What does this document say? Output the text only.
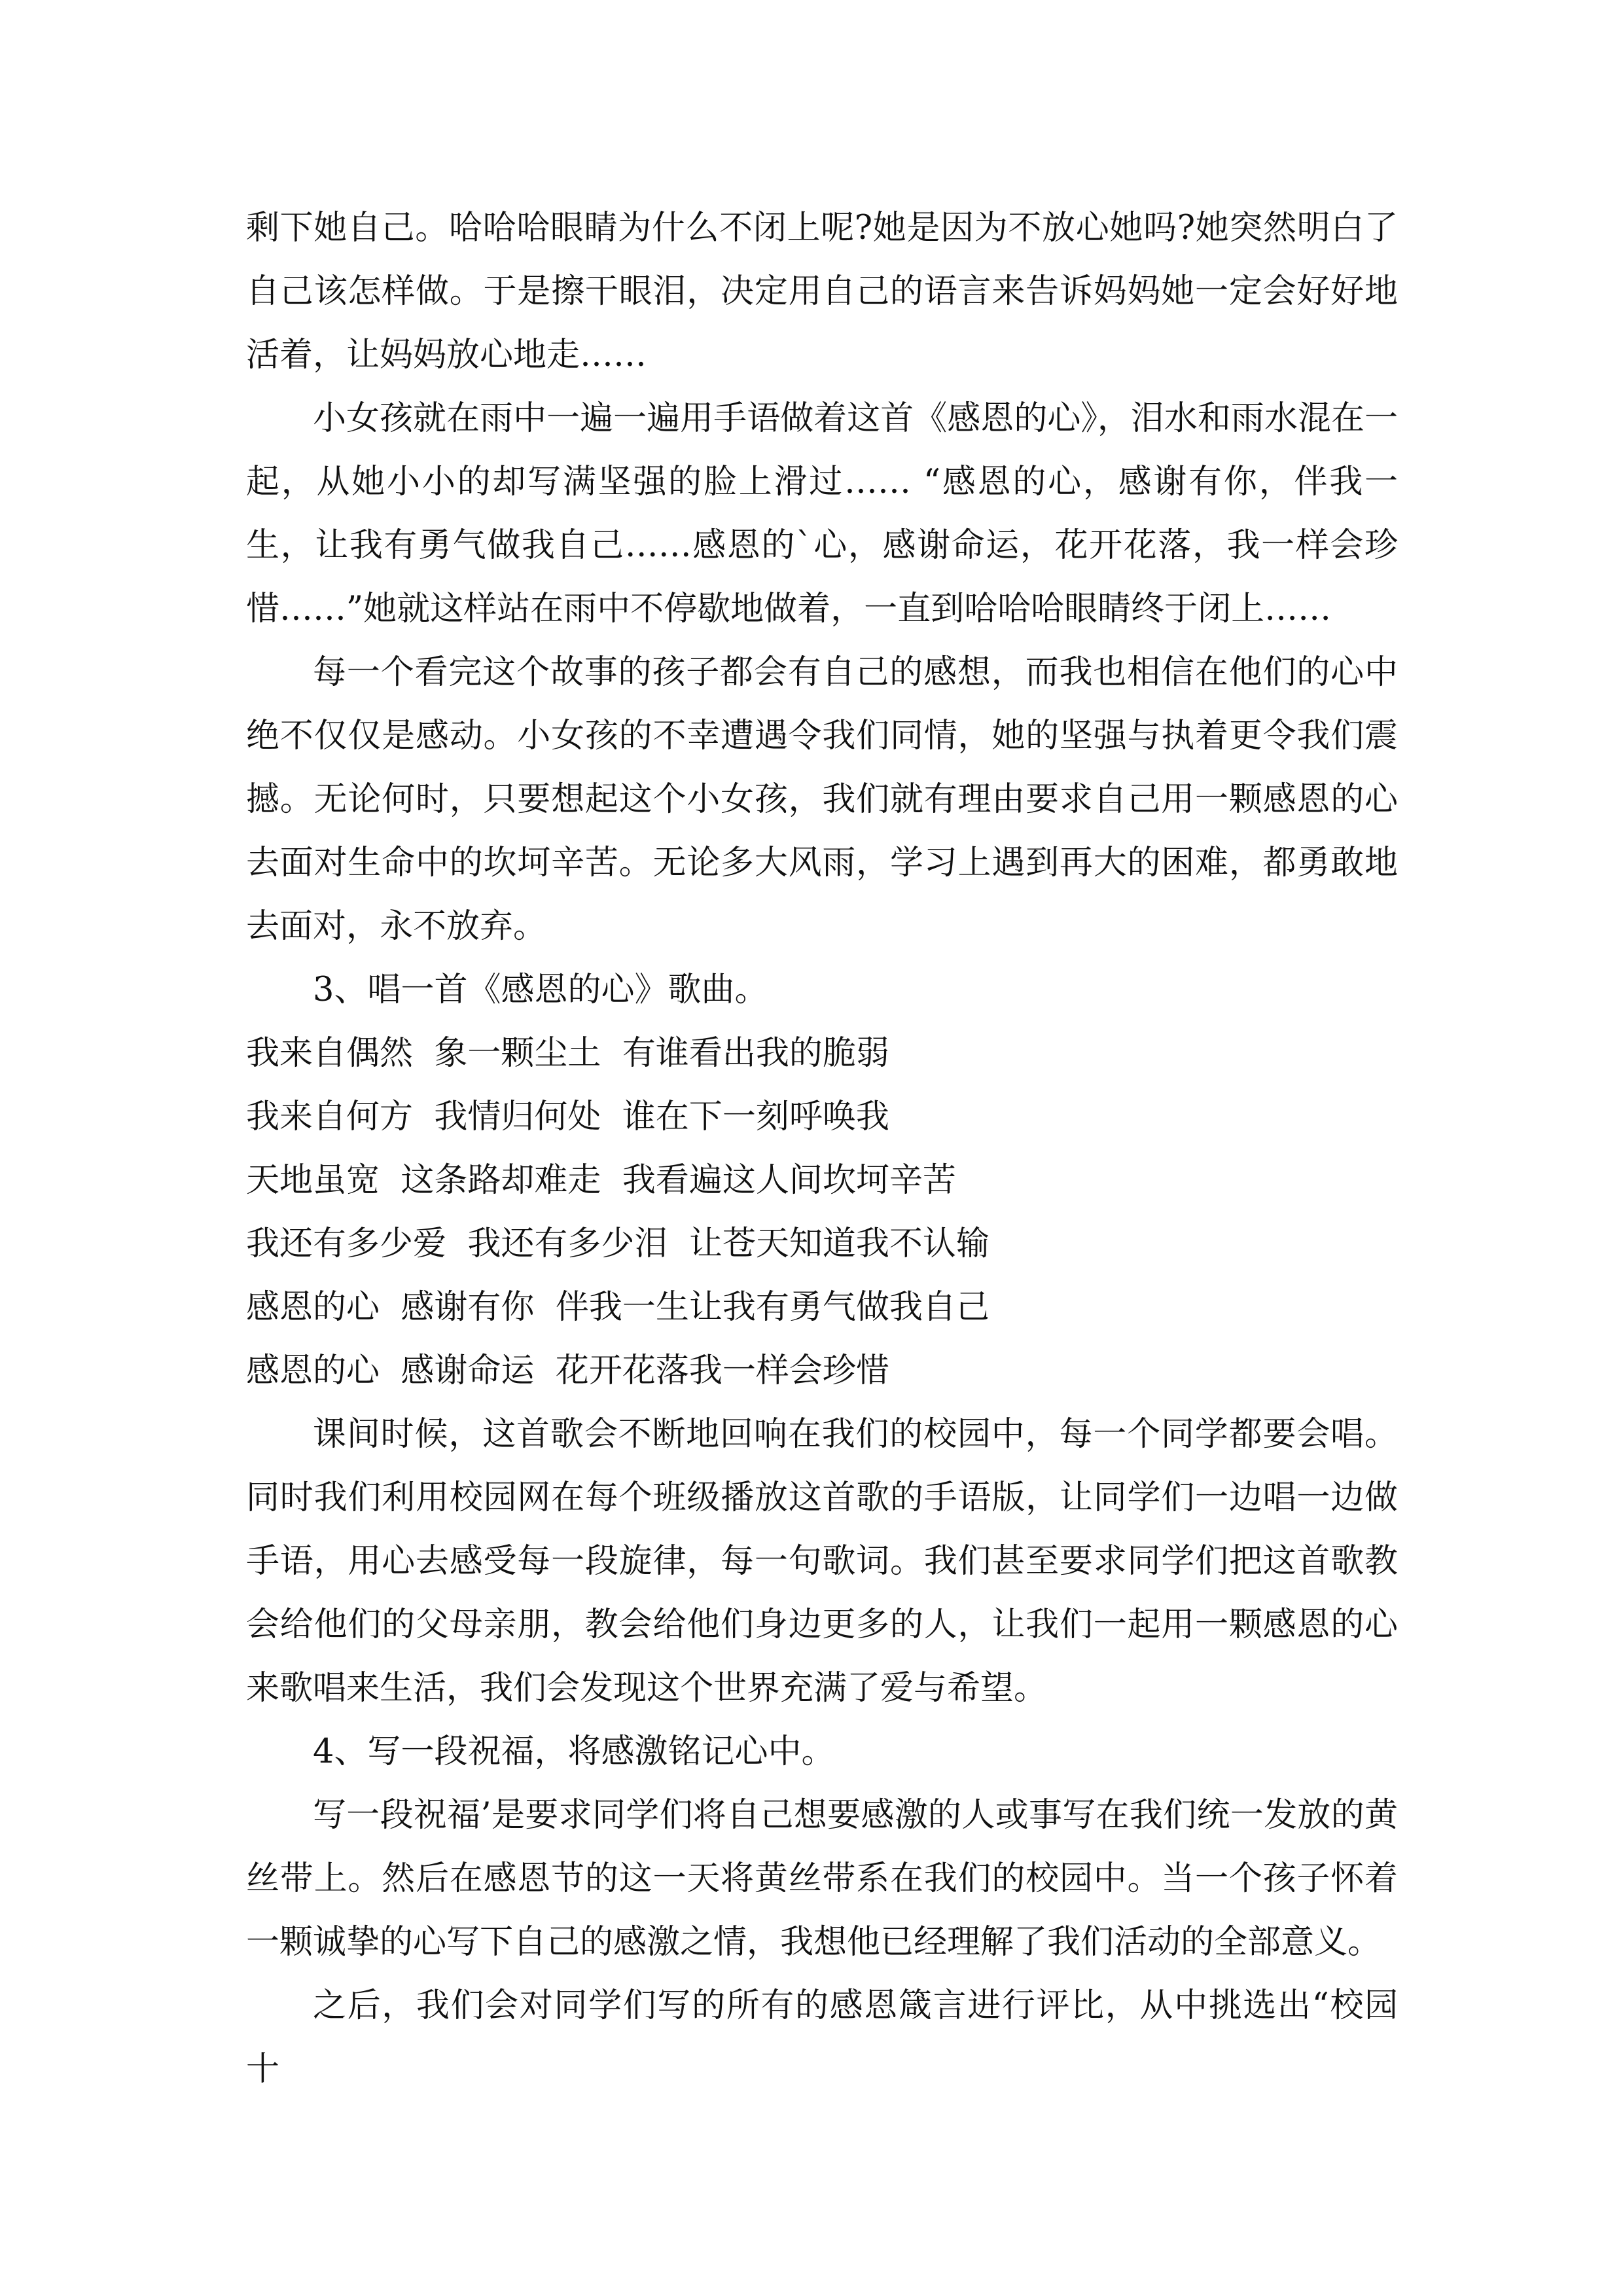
剩下她自己。哈哈哈眼睛为什么不闭上呢?她是因为不放心她吗?她突然明白了自己该怎样做。于是擦干眼泪，决定用自己的语言来告诉妈妈她一定会好好地活着，让妈妈放心地走……

小女孩就在雨中一遍一遍用手语做着这首《感恩的心》，泪水和雨水混在一起，从她小小的却写满坚强的脸上滑过…… “感恩的心，感谢有你，伴我一生，让我有勇气做我自己……感恩的`心，感谢命运，花开花落，我一样会珍惜……”她就这样站在雨中不停歇地做着，一直到哈哈哈眼睛终于闭上……

每一个看完这个故事的孩子都会有自己的感想，而我也相信在他们的心中绝不仅仅是感动。小女孩的不幸遭遇令我们同情，她的坚强与执着更令我们震撼。无论何时，只要想起这个小女孩，我们就有理由要求自己用一颗感恩的心去面对生命中的坎坷辛苦。无论多大风雨，学习上遇到再大的困难，都勇敢地去面对，永不放弃。

3、唱一首《感恩的心》歌曲。

我来自偶然  象一颗尘土  有谁看出我的脆弱

我来自何方  我情归何处  谁在下一刻呼唤我

天地虽宽  这条路却难走  我看遍这人间坎坷辛苦

我还有多少爱  我还有多少泪  让苍天知道我不认输

感恩的心  感谢有你  伴我一生让我有勇气做我自己

感恩的心  感谢命运  花开花落我一样会珍惜

课间时候，这首歌会不断地回响在我们的校园中，每一个同学都要会唱。同时我们利用校园网在每个班级播放这首歌的手语版，让同学们一边唱一边做手语，用心去感受每一段旋律，每一句歌词。我们甚至要求同学们把这首歌教会给他们的父母亲朋，教会给他们身边更多的人，让我们一起用一颗感恩的心来歌唱来生活，我们会发现这个世界充满了爱与希望。

4、写一段祝福，将感激铭记心中。

写一段祝福’是要求同学们将自己想要感激的人或事写在我们统一发放的黄丝带上。然后在感恩节的这一天将黄丝带系在我们的校园中。当一个孩子怀着一颗诚挚的心写下自己的感激之情，我想他已经理解了我们活动的全部意义。

之后，我们会对同学们写的所有的感恩箴言进行评比，从中挑选出“校园十
